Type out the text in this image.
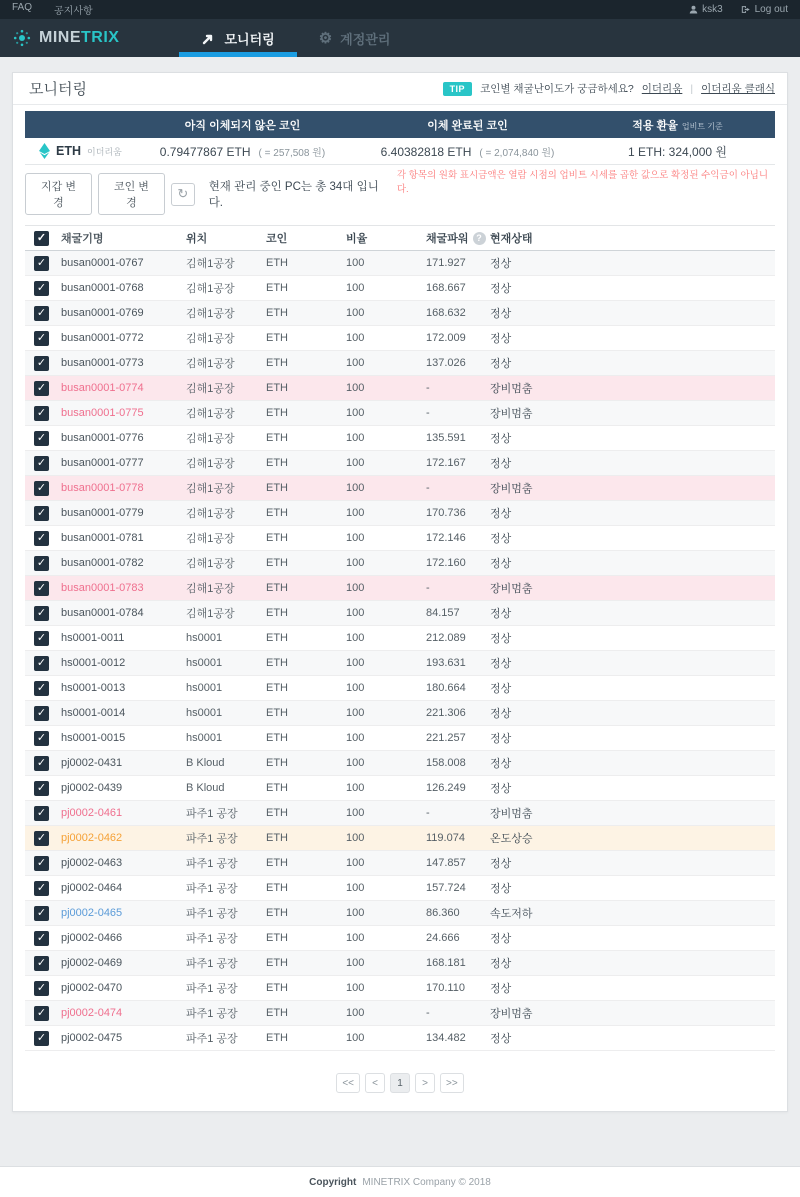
FAQ 공지사항	ksk3	Log out
MINETRIX	모니터링	⚙ 계정관리
모니터링	TIP	코인별 채굴난이도가 궁금하세요? 이더리움 | 이더리움 클래식
아직 이체되지 않은 코인	이체 완료된 코인	적용 환율 업비트 기준
ETH 이더리움	0.79477867 ETH ( = 257,508 원)	6.40382818 ETH ( = 2,074,840 원)	1 ETH: 324,000 원
지갑 변경
코인 변경
↻ 현재 관리 중인 PC는 총 34대 입니다.
각 항목의 원화 표시금액은 열람 시점의 업비트 시세를 곱한 값으로 확정된 수익금이 아닙니다.
✓ 채굴기명	위치	코인	비율	채굴파워 ? 현재상태
✓ busan0001-0767	김해1공장	ETH	100	171.927	정상
✓ busan0001-0768	김해1공장	ETH	100	168.667	정상
✓ busan0001-0769	김해1공장	ETH	100	168.632	정상
✓ busan0001-0772	김해1공장	ETH	100	172.009	정상
✓ busan0001-0773	김해1공장	ETH	100	137.026	정상
✓ busan0001-0774	김해1공장	ETH	100	-	장비멈춤
✓ busan0001-0775	김해1공장	ETH	100	-	장비멈춤
✓ busan0001-0776	김해1공장	ETH	100	135.591	정상
✓ busan0001-0777	김해1공장	ETH	100	172.167	정상
✓ busan0001-0778	김해1공장	ETH	100	-	장비멈춤
✓ busan0001-0779	김해1공장	ETH	100	170.736	정상
✓ busan0001-0781	김해1공장	ETH	100	172.146	정상
✓ busan0001-0782	김해1공장	ETH	100	172.160	정상
✓ busan0001-0783	김해1공장	ETH	100	-	장비멈춤
✓ busan0001-0784	김해1공장	ETH	100	84.157	정상
✓ hs0001-0011	hs0001	ETH	100	212.089	정상
✓ hs0001-0012	hs0001	ETH	100	193.631	정상
✓ hs0001-0013	hs0001	ETH	100	180.664	정상
✓ hs0001-0014	hs0001	ETH	100	221.306	정상
✓ hs0001-0015	hs0001	ETH	100	221.257	정상
✓ pj0002-0431	B Kloud	ETH	100	158.008	정상
✓ pj0002-0439	B Kloud	ETH	100	126.249	정상
✓ pj0002-0461	파주1 공장	ETH	100	-	장비멈춤
✓ pj0002-0462	파주1 공장	ETH	100	119.074	온도상승
✓ pj0002-0463	파주1 공장	ETH	100	147.857	정상
✓ pj0002-0464	파주1 공장	ETH	100	157.724	정상
✓ pj0002-0465	파주1 공장	ETH	100	86.360	속도저하
✓ pj0002-0466	파주1 공장	ETH	100	24.666	정상
✓ pj0002-0469	파주1 공장	ETH	100	168.181	정상
✓ pj0002-0470	파주1 공장	ETH	100	170.110	정상
✓ pj0002-0474	파주1 공장	ETH	100	-	장비멈춤
✓ pj0002-0475	파주1 공장	ETH	100	134.482	정상
<<	<	1	>	>>
Copyright MINETRIX Company © 2018
